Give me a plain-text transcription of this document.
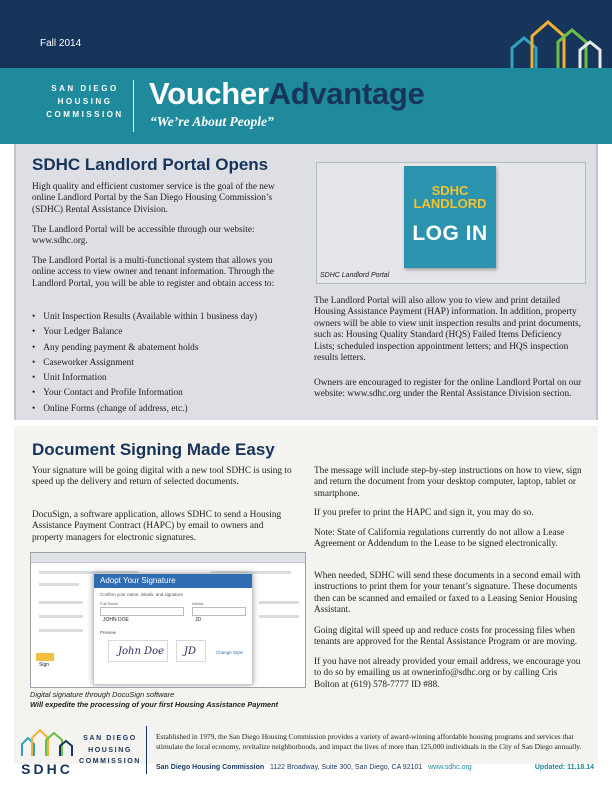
Fall 2014
SAN DIEGO
HOUSING
COMMISSION
VoucherAdvantage
“We’re About People”
SDHC Landlord Portal Opens
High quality and efficient customer service is the goal of the new online Landlord Portal by the San Diego Housing Commission’s (SDHC) Rental Assistance Division.
The Landlord Portal will be accessible through our website: www.sdhc.org.
The Landlord Portal is a multi-functional system that allows you online access to view owner and tenant information. Through the Landlord Portal, you will be able to register and obtain access to:
• Unit Inspection Results (Available within 1 business day)
• Your Ledger Balance
• Any pending payment & abatement holds
• Caseworker Assignment
• Unit Information
• Your Contact and Profile Information
• Online Forms (change of address, etc.)
SDHC
LANDLORD
LOG IN
SDHC Landlord Portal
The Landlord Portal will also allow you to view and print detailed Housing Assistance Payment (HAP) information. In addition, property owners will be able to view unit inspection results and print documents, such as: Housing Quality Standard (HQS) Failed Items Deficiency Lists; scheduled inspection appointment letters; and HQS inspection results letters.
Owners are encouraged to register for the online Landlord Portal on our website: www.sdhc.org under the Rental Assistance Division section.
Document Signing Made Easy
Your signature will be going digital with a new tool SDHC is using to speed up the delivery and return of selected documents.
DocuSign, a software application, allows SDHC to send a Housing Assistance Payment Contract (HAPC) by email to owners and property managers for electronic signatures.
Sign
Adopt Your Signature
Confirm your name, initials, and signature
Full Name
JOHN DOE
Initials
JD
Preview
John Doe JD	Change Style
Digital signature through DocuSign software
Will expedite the processing of your first Housing Assistance Payment
The message will include step-by-step instructions on how to view, sign and return the document from your desktop computer, laptop, tablet or smartphone.
If you prefer to print the HAPC and sign it, you may do so.
Note: State of California regulations currently do not allow a Lease Agreement or Addendum to the Lease to be signed electronically.
When needed, SDHC will send these documents in a second email with instructions to print them for your tenant’s signature. These documents then can be scanned and emailed or faxed to a Leasing Senior Housing Assistant.
Going digital will speed up and reduce costs for processing files when tenants are approved for the Rental Assistance Program or are moving.
If you have not already provided your email address, we encourage you to do so by emailing us at ownerinfo@sdhc.org or by calling Cris Bolton at (619) 578-7777 ID #88.
SDHC
SAN DIEGO
HOUSING
COMMISSION
Established in 1979, the San Diego Housing Commission provides a variety of award-winning affordable housing programs and services that stimulate the local economy, revitalize neighborhoods, and impact the lives of more than 125,000 individuals in the City of San Diego annually.
San Diego Housing Commission 1122 Broadway, Suite 300, San Diego, CA 92101 www.sdhc.org	Updated: 11.18.14
